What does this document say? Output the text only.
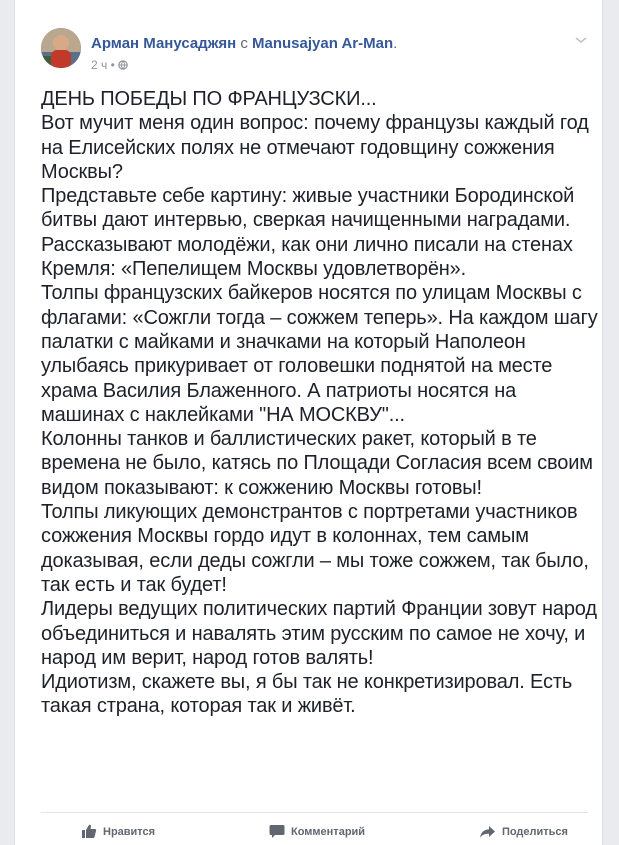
Арман Манусаджян с Manusajyan Ar-Man.
2 ч •

ДЕНЬ ПОБЕДЫ ПО ФРАНЦУЗСКИ...

Вот мучит меня один вопрос: почему французы каждый год на Елисейских полях не отмечают годовщину сожжения Москвы?

Представьте себе картину: живые участники Бородинской битвы дают интервью, сверкая начищенными наградами. Рассказывают молодёжи, как они лично писали на стенах Кремля: «Пепелищем Москвы удовлетворён».

Толпы французских байкеров носятся по улицам Москвы с флагами: «Сожгли тогда – сожжем теперь». На каждом шагу палатки с майками и значками на который Наполеон улыбаясь прикуривает от головешки поднятой на месте храма Василия Блаженного. А патриоты носятся на машинах с наклейками "НА МОСКВУ"...

Колонны танков и баллистических ракет, который в те времена не было, катясь по Площади Согласия всем своим видом показывают: к сожжению Москвы готовы!

Толпы ликующих демонстрантов с портретами участников сожжения Москвы гордо идут в колоннах, тем самым доказывая, если деды сожгли – мы тоже сожжем, так было, так есть и так будет!

Лидеры ведущих политических партий Франции зовут народ объединиться и навалять этим русским по самое не хочу, и народ им верит, народ готов валять!

Идиотизм, скажете вы, я бы так не конкретизировал. Есть такая страна, которая так и живёт.

Нравится	Комментарий	Поделиться
